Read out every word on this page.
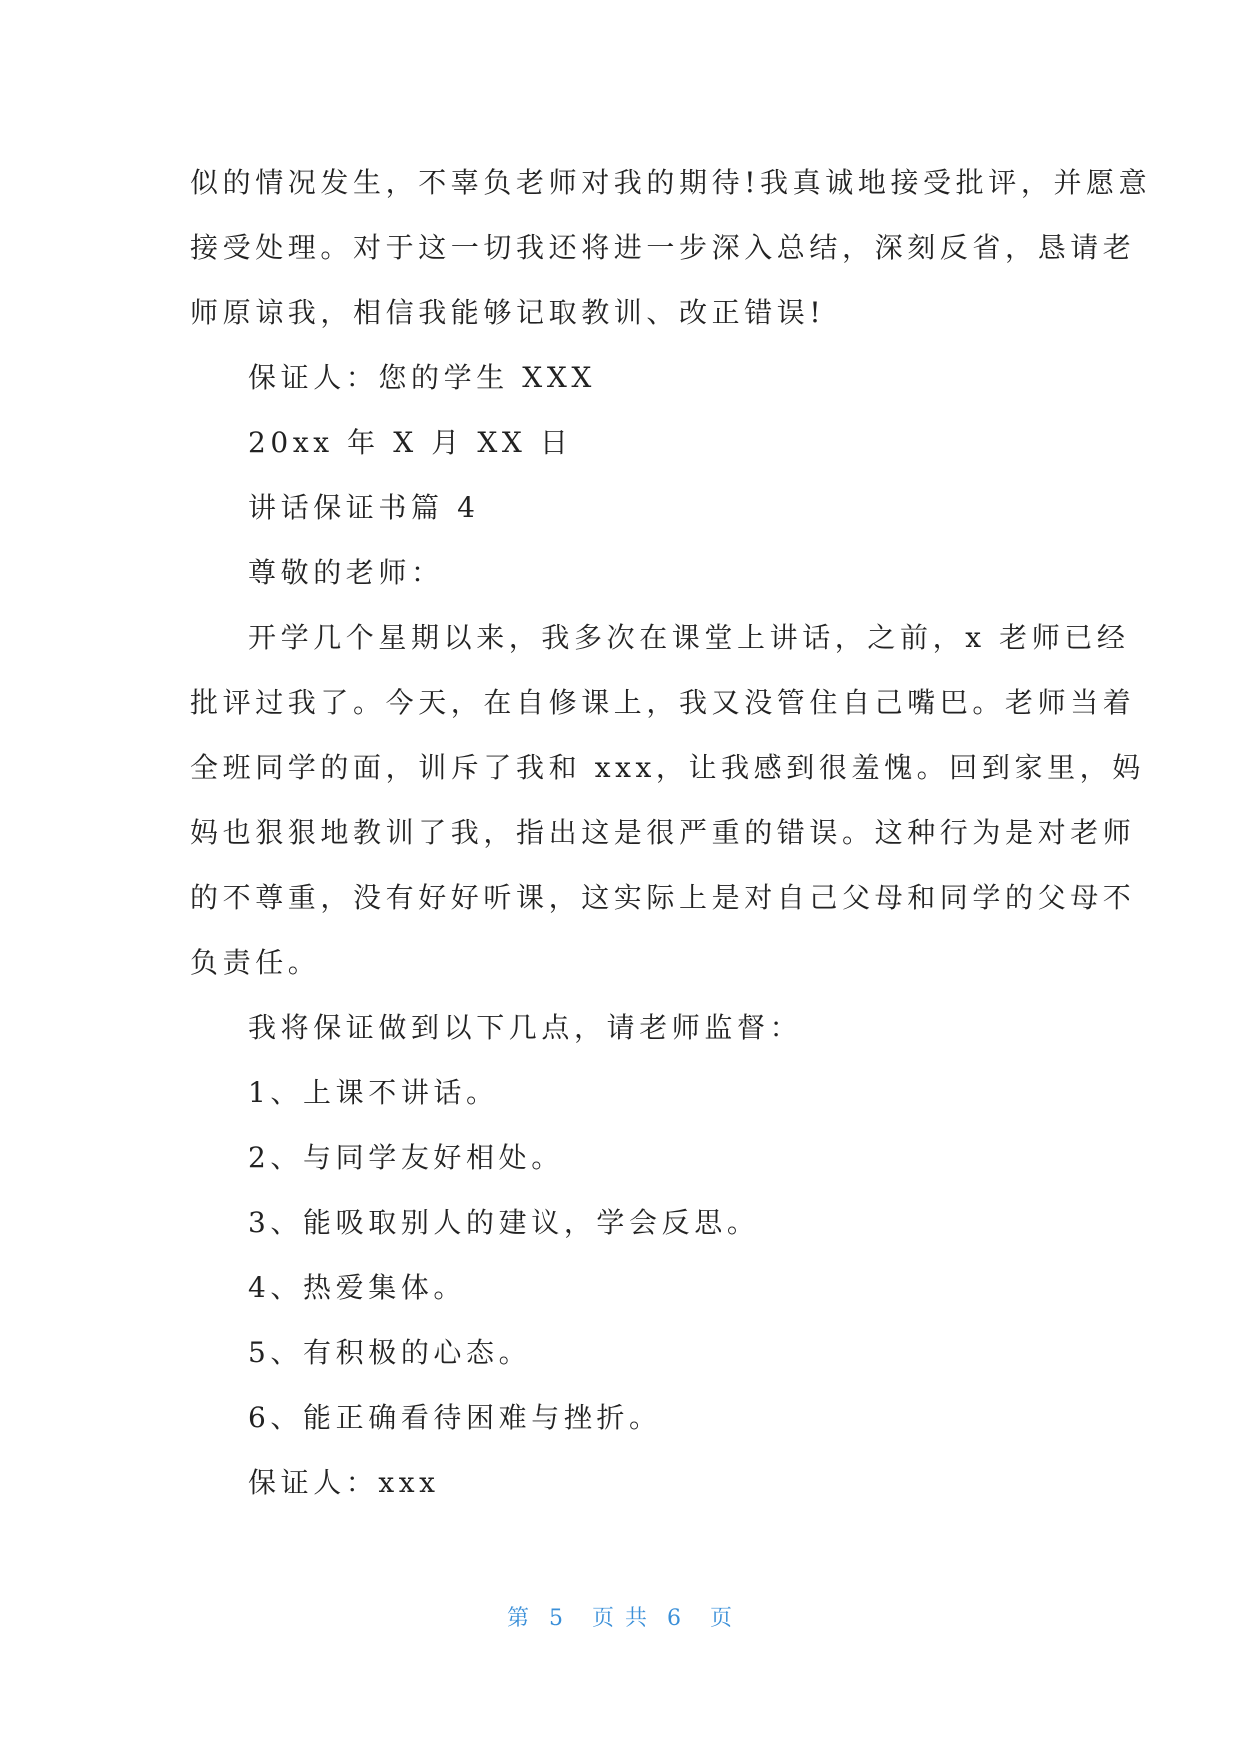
似的情况发生，不辜负老师对我的期待!我真诚地接受批评，并愿意
接受处理。对于这一切我还将进一步深入总结，深刻反省，恳请老
师原谅我，相信我能够记取教训、改正错误!
保证人：您的学生 XXX
20xx 年 X 月 XX 日
讲话保证书篇 4
尊敬的老师：
开学几个星期以来，我多次在课堂上讲话，之前，x 老师已经
批评过我了。今天，在自修课上，我又没管住自己嘴巴。老师当着
全班同学的面，训斥了我和 xxx，让我感到很羞愧。回到家里，妈
妈也狠狠地教训了我，指出这是很严重的错误。这种行为是对老师
的不尊重，没有好好听课，这实际上是对自己父母和同学的父母不
负责任。
我将保证做到以下几点，请老师监督：
1、上课不讲话。
2、与同学友好相处。
3、能吸取别人的建议，学会反思。
4、热爱集体。
5、有积极的心态。
6、能正确看待困难与挫折。
保证人：xxx
第  5   页 共  6   页
